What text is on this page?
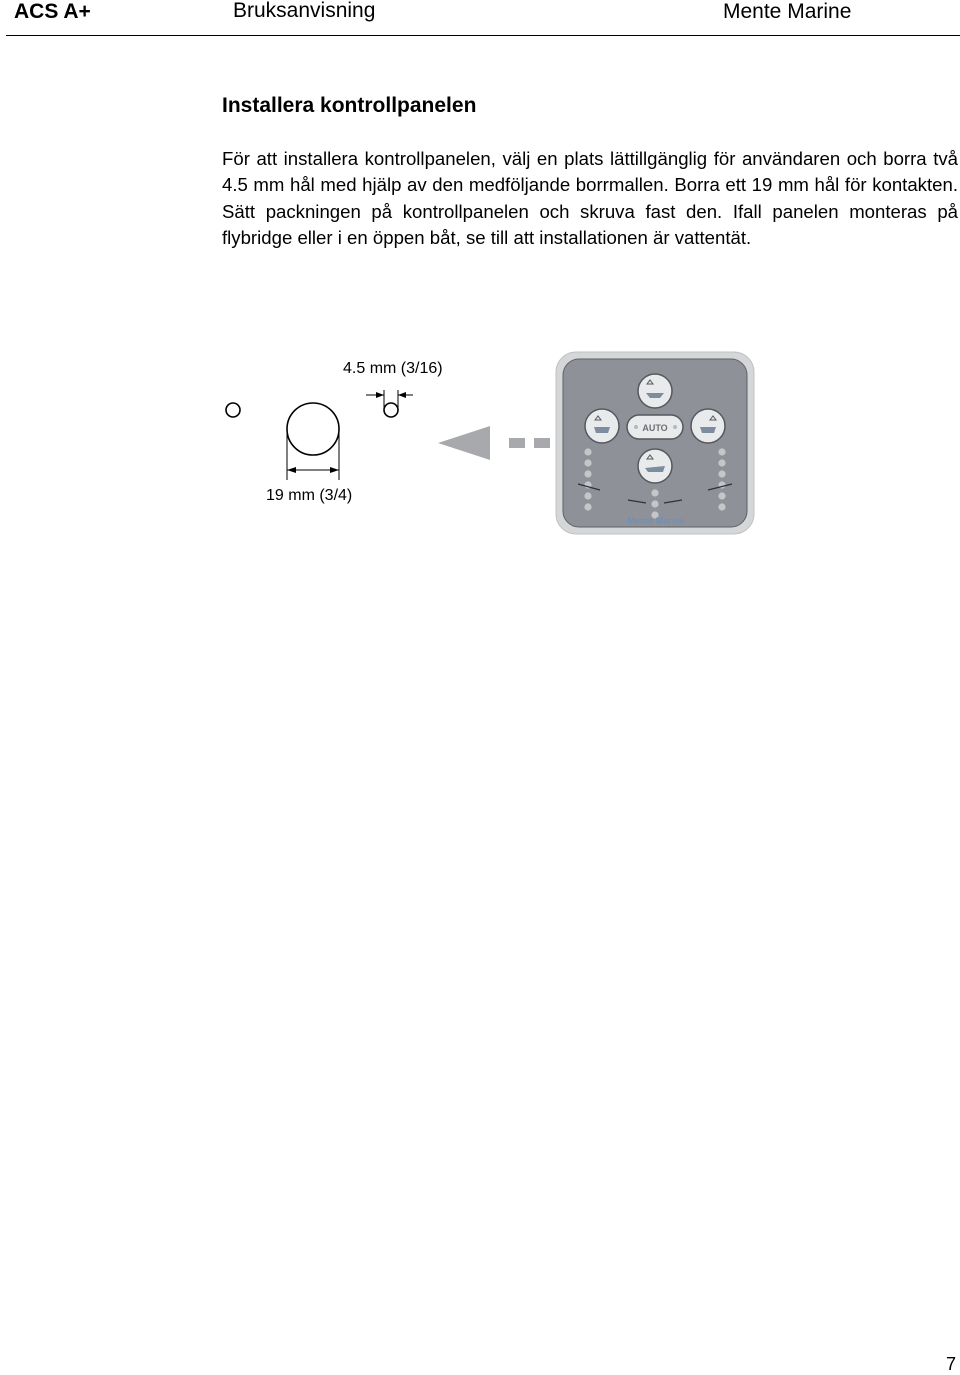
ACS A+	Bruksanvisning	Mente Marine
Installera kontrollpanelen

För att installera kontrollpanelen, välj en plats lättillgänglig för användaren och borra två 4.5 mm hål med hjälp av den medföljande borrmallen. Borra ett 19 mm hål för kontakten. Sätt packningen på kontrollpanelen och skruva fast den. Ifall panelen monteras på flybridge eller i en öppen båt, se till att installationen är vattentät.

AUTO
Mente Marine
4.5 mm (3/16)
19 mm (3/4)
7
